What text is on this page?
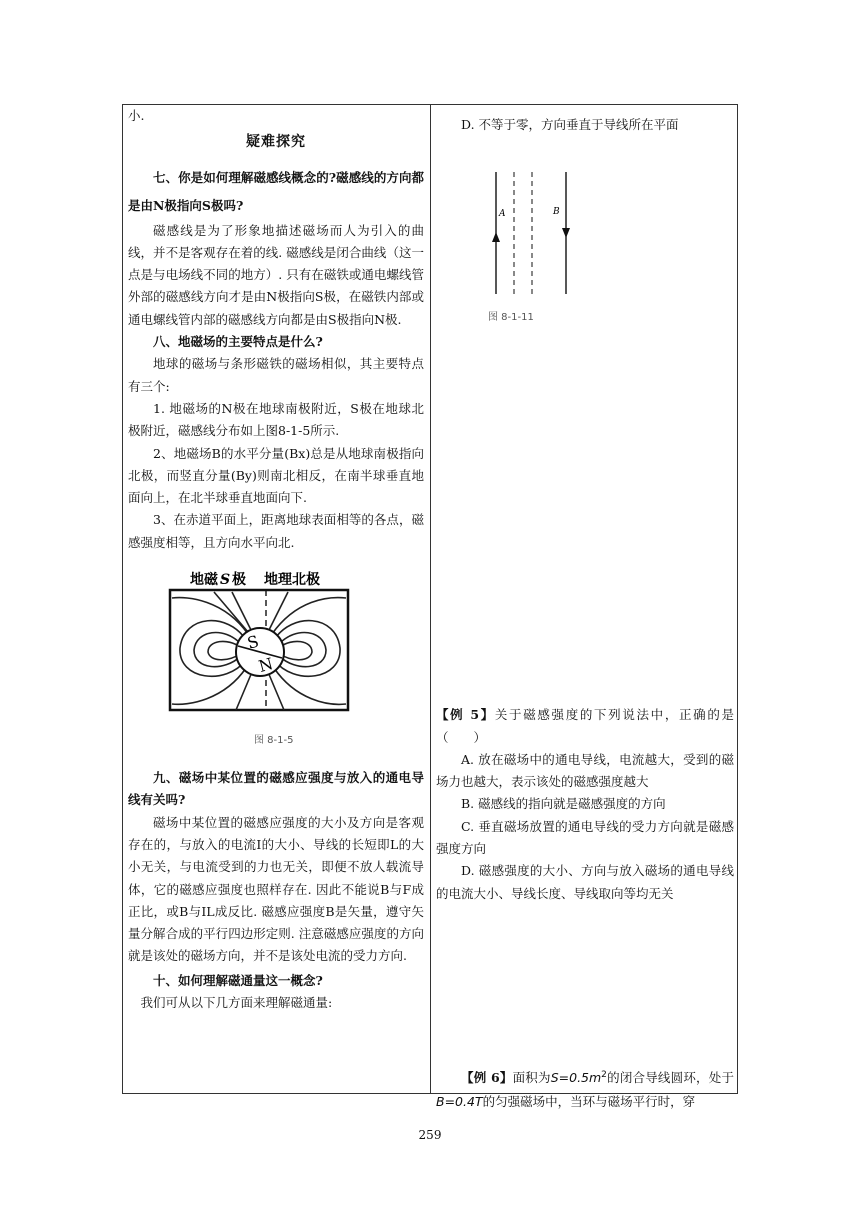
小.

疑难探究

七、你是如何理解磁感线概念的?磁感线的方向都是由N极指向S极吗?

磁感线是为了形象地描述磁场而人为引入的曲线，并不是客观存在着的线. 磁感线是闭合曲线（这一点是与电场线不同的地方）. 只有在磁铁或通电螺线管外部的磁感线方向才是由N极指向S极，在磁铁内部或通电螺线管内部的磁感线方向都是由S极指向N极.

八、地磁场的主要特点是什么?

地球的磁场与条形磁铁的磁场相似，其主要特点有三个:

1. 地磁场的N极在地球南极附近，S极在地球北极附近，磁感线分布如上图8-1-5所示.

2、地磁场B的水平分量(Bx)总是从地球南极指向北极，而竖直分量(By)则南北相反，在南半球垂直地面向上，在北半球垂直地面向下.

3、在赤道平面上，距离地球表面相等的各点，磁感强度相等，且方向水平向北.

地磁 S 极 地理北极
S
N
图 8-1-5

九、磁场中某位置的磁感应强度与放入的通电导线有关吗?

磁场中某位置的磁感应强度的大小及方向是客观存在的，与放入的电流I的大小、导线的长短即L的大小无关，与电流受到的力也无关，即便不放人载流导体，它的磁感应强度也照样存在. 因此不能说B与F成正比，或B与IL成反比. 磁感应强度B是矢量，遵守矢量分解合成的平行四边形定则. 注意磁感应强度的方向就是该处的磁场方向，并不是该处电流的受力方向.

十、如何理解磁通量这一概念?

我们可从以下几方面来理解磁通量:

D. 不等于零，方向垂直于导线所在平面

A	B
图 8-1-11

【例 5】关于磁感强度的下列说法中，正确的是（　　）

A. 放在磁场中的通电导线，电流越大，受到的磁场力也越大，表示该处的磁感强度越大

B. 磁感线的指向就是磁感强度的方向

C. 垂直磁场放置的通电导线的受力方向就是磁感强度方向

D. 磁感强度的大小、方向与放入磁场的通电导线的电流大小、导线长度、导线取向等均无关

【例 6】面积为$S=0.5m^2$的闭合导线圆环，处于B=0.4T的匀强磁场中，当环与磁场平行时，穿

259
